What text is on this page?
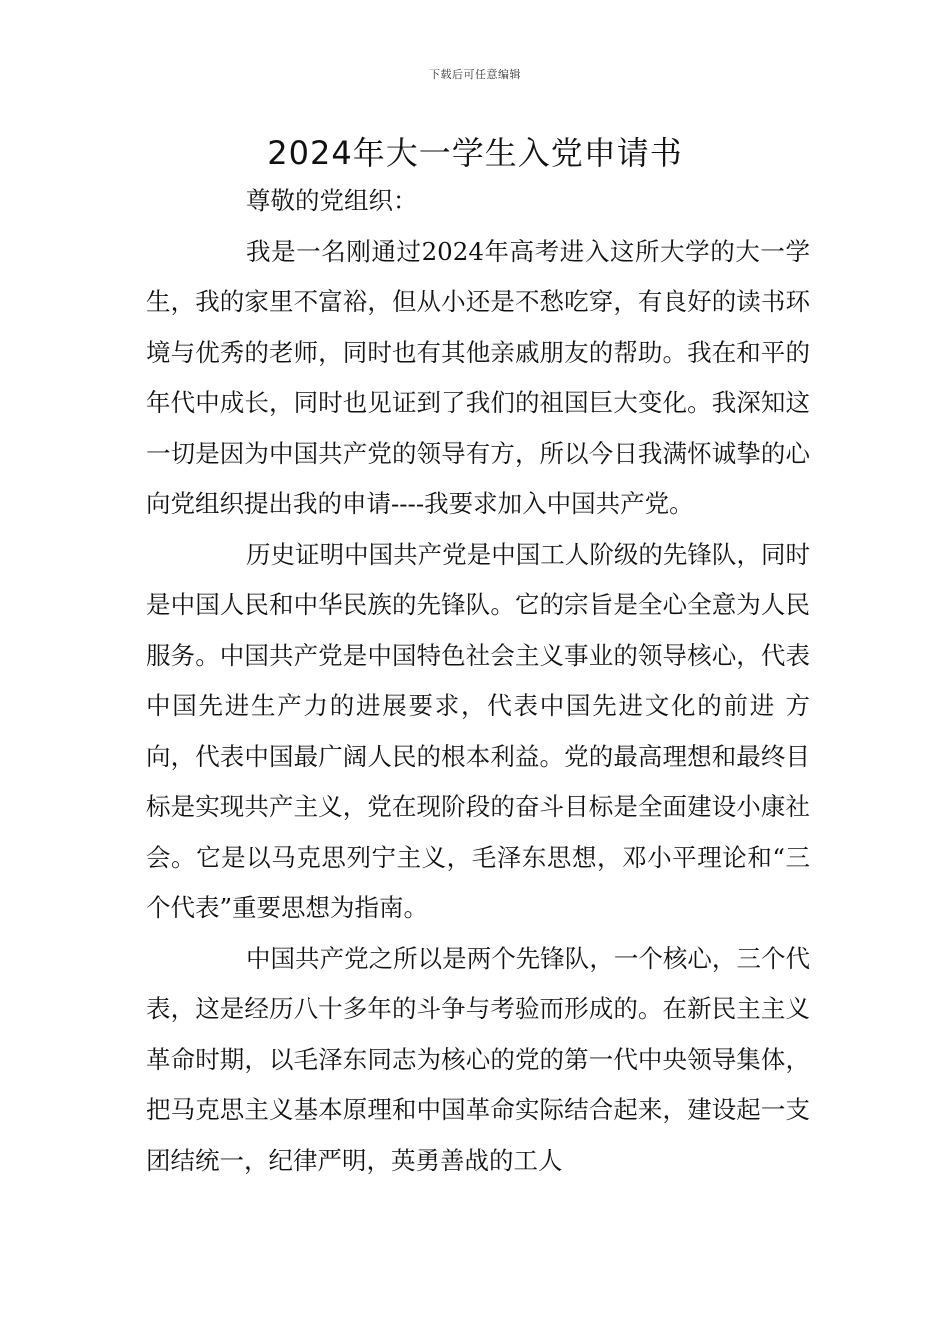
下载后可任意编辑
2024年大一学生入党申请书

尊敬的党组织：

我是一名刚通过2024年高考进入这所大学的大一学生，我的家里不富裕，但从小还是不愁吃穿，有良好的读书环境与优秀的老师，同时也有其他亲戚朋友的帮助。我在和平的年代中成长，同时也见证到了我们的祖国巨大变化。我深知这一切是因为中国共产党的领导有方，所以今日我满怀诚挚的心向党组织提出我的申请----我要求加入中国共产党。

历史证明中国共产党是中国工人阶级的先锋队，同时是中国人民和中华民族的先锋队。它的宗旨是全心全意为人民服务。中国共产党是中国特色社会主义事业的领导核心，代表中国先进生产力的进展要求，代表中国先进文化的前进 方向，代表中国最广阔人民的根本利益。党的最高理想和最终目标是实现共产主义，党在现阶段的奋斗目标是全面建设小康社会。它是以马克思列宁主义，毛泽东思想，邓小平理论和“三个代表”重要思想为指南。

中国共产党之所以是两个先锋队，一个核心，三个代表，这是经历八十多年的斗争与考验而形成的。在新民主主义革命时期，以毛泽东同志为核心的党的第一代中央领导集体，把马克思主义基本原理和中国革命实际结合起来，建设起一支团结统一，纪律严明，英勇善战的工人
